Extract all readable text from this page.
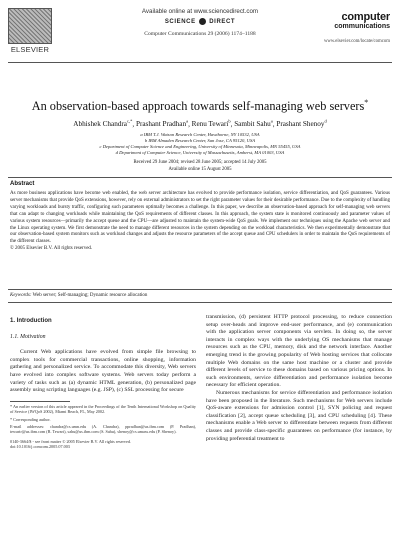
ELSEVIER
Available online at www.sciencedirect.com
SCIENCE DIRECT
Computer Communications 29 (2006) 1174–1188
computer
communications
www.elsevier.com/locate/comcom
An observation-based approach towards self-managing web servers*
Abhishek Chandra$^{c,*}$, Prashant Pradhan$^a$, Renu Tewari$^b$, Sambit Sahu$^a$, Prashant Shenoy$^d$
a IBM T.J. Watson Research Center, Hawthorne, NY 10532, USA
b IBM Almaden Research Center, San Jose, CA 95120, USA
c Department of Computer Science and Engineering, University of Minnesota, Minneapolis, MN 55455, USA
d Department of Computer Science, University of Massachusetts, Amherst, MA 01003, USA
Received 29 June 2004; revised 28 June 2005; accepted 14 July 2005
Available online 15 August 2005
Abstract
As more business applications have become web enabled, the web server architecture has evolved to provide performance isolation, service differentiation, and QoS guarantees. Various server mechanisms that provide QoS extensions, however, rely on external administrators to set the right parameter values for their desirable performance. Due to the complexity of handling varying workloads and bursty traffic, configuring such parameters optimally becomes a challenge. In this paper, we describe an observation-based approach for self-managing web servers that can adapt to changing workloads while maintaining the QoS requirements of different classes. In this approach, the system state is monitored continuously and parameter values of various system resources—primarily the accept queue and the CPU—are adjusted to maintain the system-wide QoS goals. We implement our techniques using the Apache web server and the Linux operating system. We first demonstrate the need to manage different resources in the system depending on the workload characteristics. We then experimentally demonstrate that our observation-based system monitors such as workload changes and adjusts the resource parameters of the accept queue and CPU schedulers in order to maintain the QoS requirements of the different classes.
© 2005 Elsevier B.V. All rights reserved.
Keywords: Web server; Self-managing; Dynamic resource allocation
1. Introduction
1.1. Motivation

Current Web applications have evolved from simple file browsing to complex tools for commercial transactions, online shopping, information gathering and personalized service. To accommodate this diversity, Web servers have evolved into complex software systems. Web servers today perform a variety of tasks such as (a) dynamic HTML generation, (b) personalized page assembly using scripting languages (e.g. JSP), (c) SSL processing for secure

* An earlier version of this article appeared in the Proceedings of the Tenth International Workshop on Quality of Service (IWQoS 2002), Miami Beach, FL, May 2002.
* Corresponding author.
E-mail addresses: chandra@cs.umn.edu (A. Chandra), ppradhan@us.ibm.com (P. Pradhan), tewarir@us.ibm.com (R. Tewari), sahu@us.ibm.com (S. Sahu), shenoy@cs.umass.edu (P. Shenoy).
0140-3664/$ - see front matter © 2005 Elsevier B.V. All rights reserved.
doi:10.1016/j.comcom.2005.07.003

transmission, (d) persistent HTTP protocol processing, to reduce connection setup over-heads and improve end-user performance, and (e) communication with the application server components via servlets. In doing so, the server interacts in complex ways with the underlying OS mechanisms that manage resources such as the CPU, memory, disk and the network interface. Another emerging trend is the growing popularity of Web hosting services that collocate multiple Web domains on the same host machine or a cluster and provide different levels of service to these domains based on various pricing options. In such environments, service differentiation and performance isolation become necessary for efficient operation.

Numerous mechanisms for service differentiation and performance isolation have been proposed in the literature. Such mechanisms for Web servers include QoS-aware extensions for admission control [1], SYN policing and request classification [2], accept queue scheduling [3], and CPU scheduling [4]. These mechanisms enable a Web server to differentiate between requests from different classes and provide class-specific guarantees on performance (for instance, by providing preferential treatment to
